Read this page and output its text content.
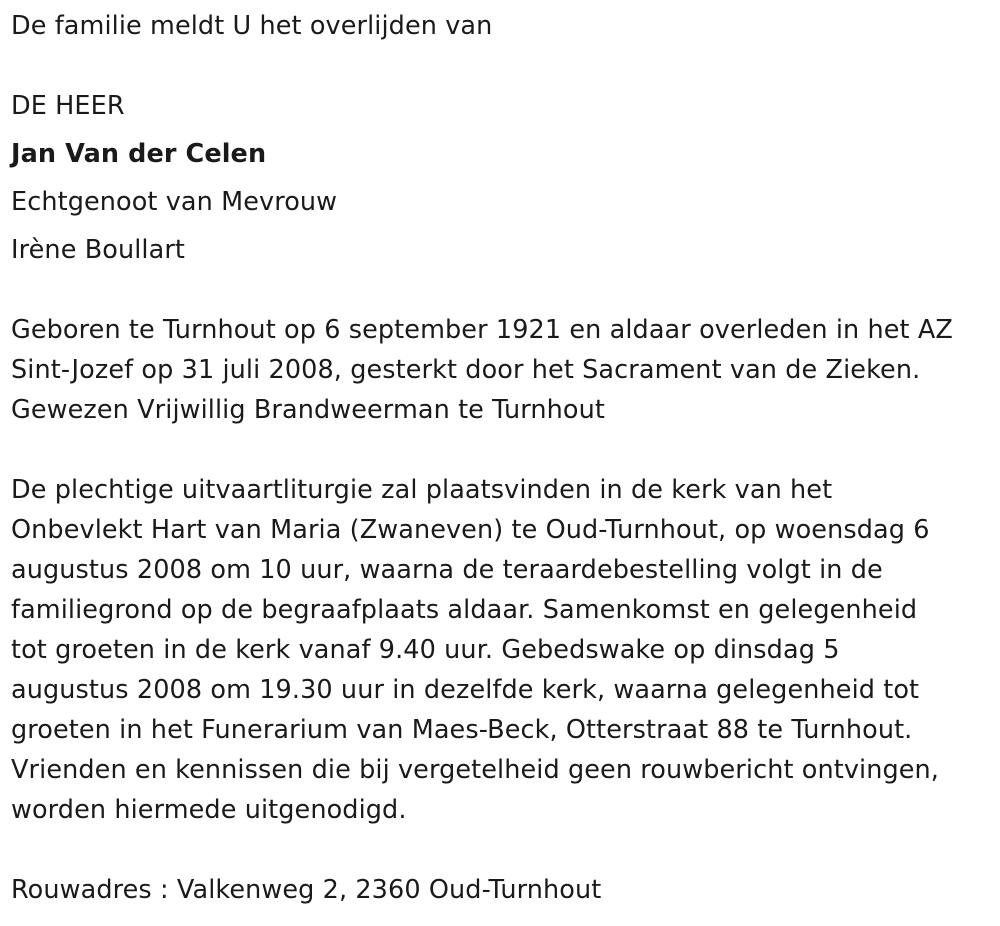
De familie meldt U het overlijden van
DE HEER
Jan Van der Celen
Echtgenoot van Mevrouw
Irène Boullart

Geboren te Turnhout op 6 september 1921 en aldaar overleden in het AZ

Sint-Jozef op 31 juli 2008, gesterkt door het Sacrament van de Zieken.

Gewezen Vrijwillig Brandweerman te Turnhout

De plechtige uitvaartliturgie zal plaatsvinden in de kerk van het

Onbevlekt Hart van Maria (Zwaneven) te Oud-Turnhout, op woensdag 6

augustus 2008 om 10 uur, waarna de teraardebestelling volgt in de

familiegrond op de begraafplaats aldaar. Samenkomst en gelegenheid

tot groeten in de kerk vanaf 9.40 uur. Gebedswake op dinsdag 5

augustus 2008 om 19.30 uur in dezelfde kerk, waarna gelegenheid tot

groeten in het Funerarium van Maes-Beck, Otterstraat 88 te Turnhout.

Vrienden en kennissen die bij vergetelheid geen rouwbericht ontvingen,

worden hiermede uitgenodigd.

Rouwadres : Valkenweg 2, 2360 Oud-Turnhout
